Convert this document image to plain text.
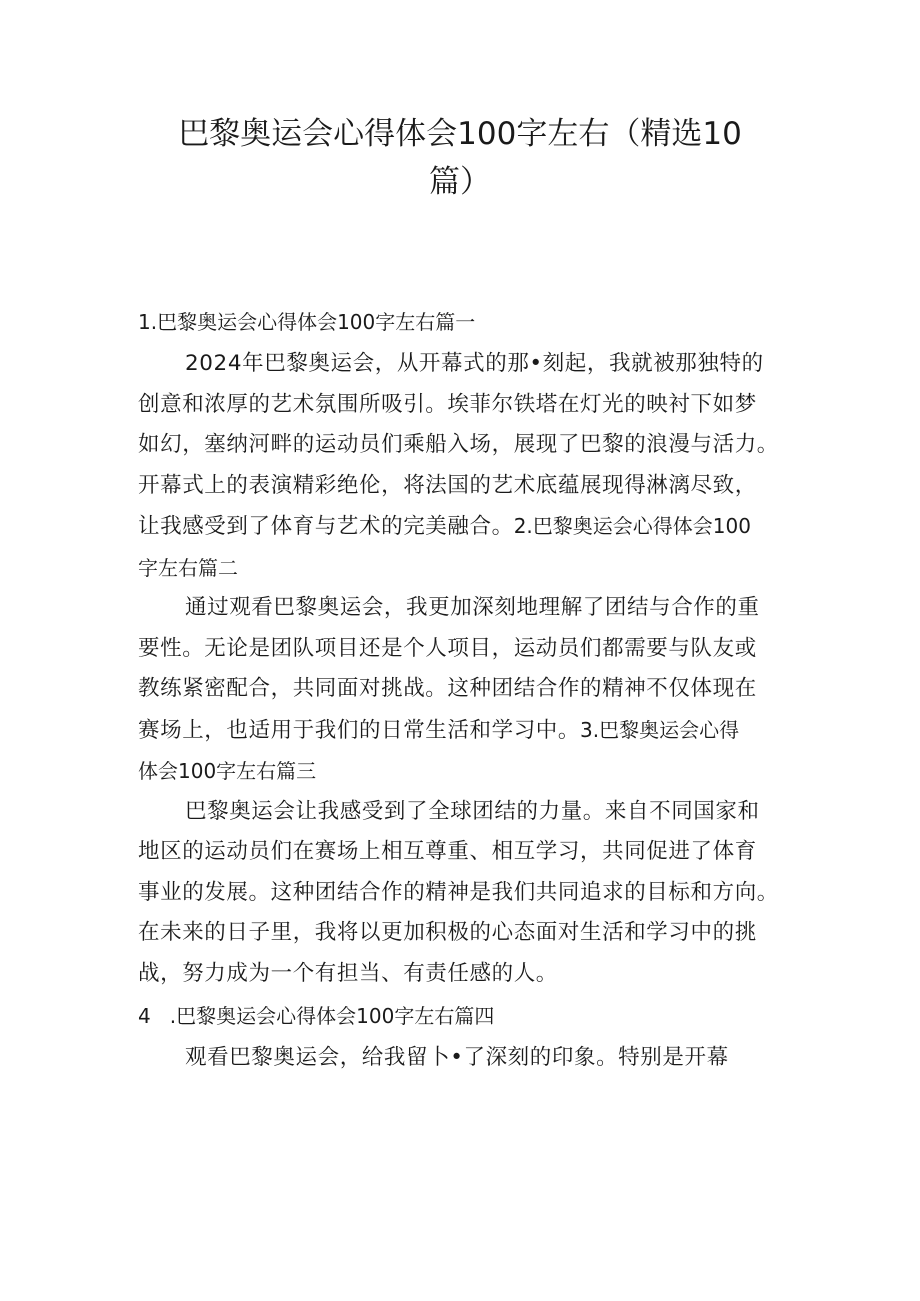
巴黎奥运会心得体会100字左右（精选10
篇）

1.巴黎奥运会心得体会100字左右篇一

2024年巴黎奥运会，从开幕式的那•刻起，我就被那独特的
创意和浓厚的艺术氛围所吸引。埃菲尔铁塔在灯光的映衬下如梦
如幻，塞纳河畔的运动员们乘船入场，展现了巴黎的浪漫与活力。
开幕式上的表演精彩绝伦，将法国的艺术底蕴展现得淋漓尽致，
让我感受到了体育与艺术的完美融合。2.巴黎奥运会心得体会100
字左右篇二
通过观看巴黎奥运会，我更加深刻地理解了团结与合作的重
要性。无论是团队项目还是个人项目，运动员们都需要与队友或
教练紧密配合，共同面对挑战。这种团结合作的精神不仅体现在
赛场上，也适用于我们的日常生活和学习中。3.巴黎奥运会心得
体会100字左右篇三
巴黎奥运会让我感受到了全球团结的力量。来自不同国家和
地区的运动员们在赛场上相互尊重、相互学习，共同促进了体育
事业的发展。这种团结合作的精神是我们共同追求的目标和方向。
在未来的日子里，我将以更加积极的心态面对生活和学习中的挑
战，努力成为一个有担当、有责任感的人。

4   .巴黎奥运会心得体会100字左右篇四

观看巴黎奥运会，给我留卜•了深刻的印象。特别是开幕
